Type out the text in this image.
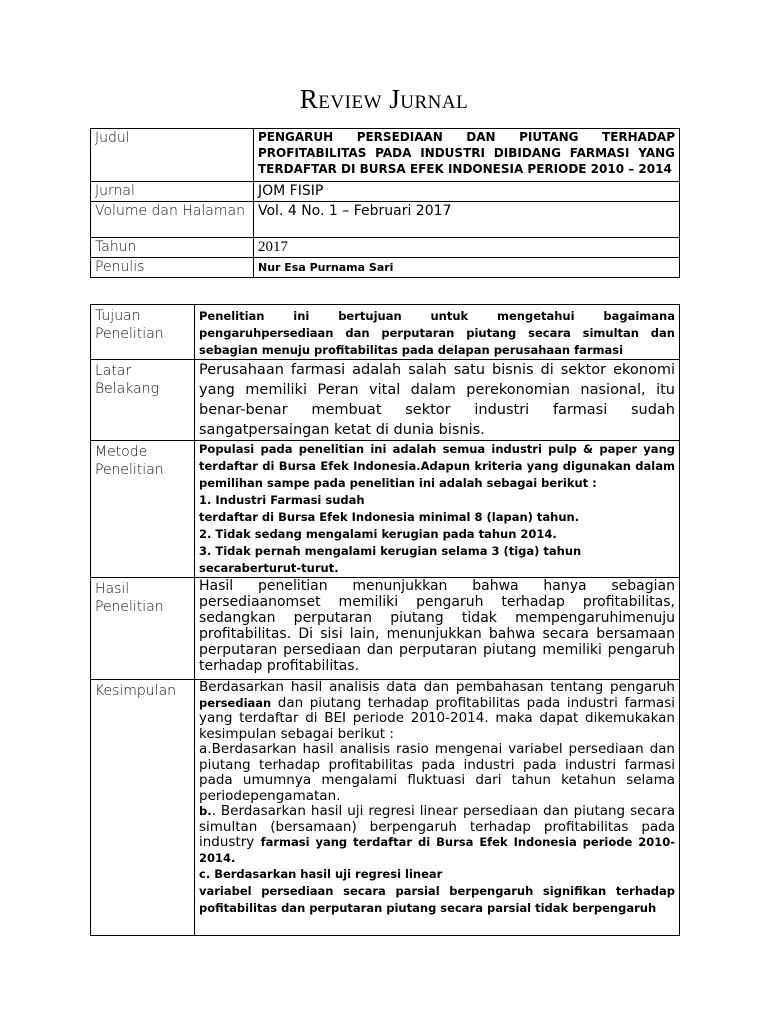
Review Jurnal
Judul	PENGARUH PERSEDIAAN DAN PIUTANG TERHADAP PROFITABILITAS PADA INDUSTRI DIBIDANG FARMASI YANG TERDAFTAR DI BURSA EFEK INDONESIA PERIODE 2010 – 2014
Jurnal	JOM FISIP
Volume dan Halaman	Vol. 4 No. 1 – Februari 2017
Tahun	2017
Penulis	Nur Esa Purnama Sari
Tujuan Penelitian	Penelitian ini bertujuan untuk mengetahui bagaimana pengaruhpersediaan dan perputaran piutang secara simultan dan sebagian menuju profitabilitas pada delapan perusahaan farmasi
Latar Belakang	Perusahaan farmasi adalah salah satu bisnis di sektor ekonomi yang memiliki Peran vital dalam perekonomian nasional, itu benar-benar membuat sektor industri farmasi sudah sangatpersaingan ketat di dunia bisnis.
Metode Penelitian	Populasi pada penelitian ini adalah semua industri pulp & paper yang terdaftar di Bursa Efek Indonesia.Adapun kriteria yang digunakan dalam pemilihan sampe pada penelitian ini adalah sebagai berikut :

1. Industri Farmasi sudah

terdaftar di Bursa Efek Indonesia minimal 8 (lapan) tahun.

2. Tidak sedang mengalami kerugian pada tahun 2014.

3. Tidak pernah mengalami kerugian selama 3 (tiga) tahun secaraberturut-turut.

Hasil Penelitian	Hasil penelitian menunjukkan bahwa hanya sebagian persediaanomset memiliki pengaruh terhadap profitabilitas, sedangkan perputaran piutang tidak mempengaruhimenuju profitabilitas. Di sisi lain, menunjukkan bahwa secara bersamaan perputaran persediaan dan perputaran piutang memiliki pengaruh terhadap profitabilitas.
Kesimpulan	Berdasarkan hasil analisis data dan pembahasan tentang pengaruh persediaan dan piutang terhadap profitabilitas pada industri farmasi yang terdaftar di BEI periode 2010-2014. maka dapat dikemukakan kesimpulan sebagai berikut :

a.Berdasarkan hasil analisis rasio mengenai variabel persediaan dan piutang terhadap profitabilitas pada industri pada industri farmasi pada umumnya mengalami fluktuasi dari tahun ketahun selama periodepengamatan.

b.. Berdasarkan hasil uji regresi linear persediaan dan piutang secara simultan (bersamaan) berpengaruh terhadap profitabilitas pada industry farmasi yang terdaftar di Bursa Efek Indonesia periode 2010-2014.

c. Berdasarkan hasil uji regresi linear

variabel persediaan secara parsial berpengaruh signifikan terhadap pofitabilitas dan perputaran piutang secara parsial tidak berpengaruh
